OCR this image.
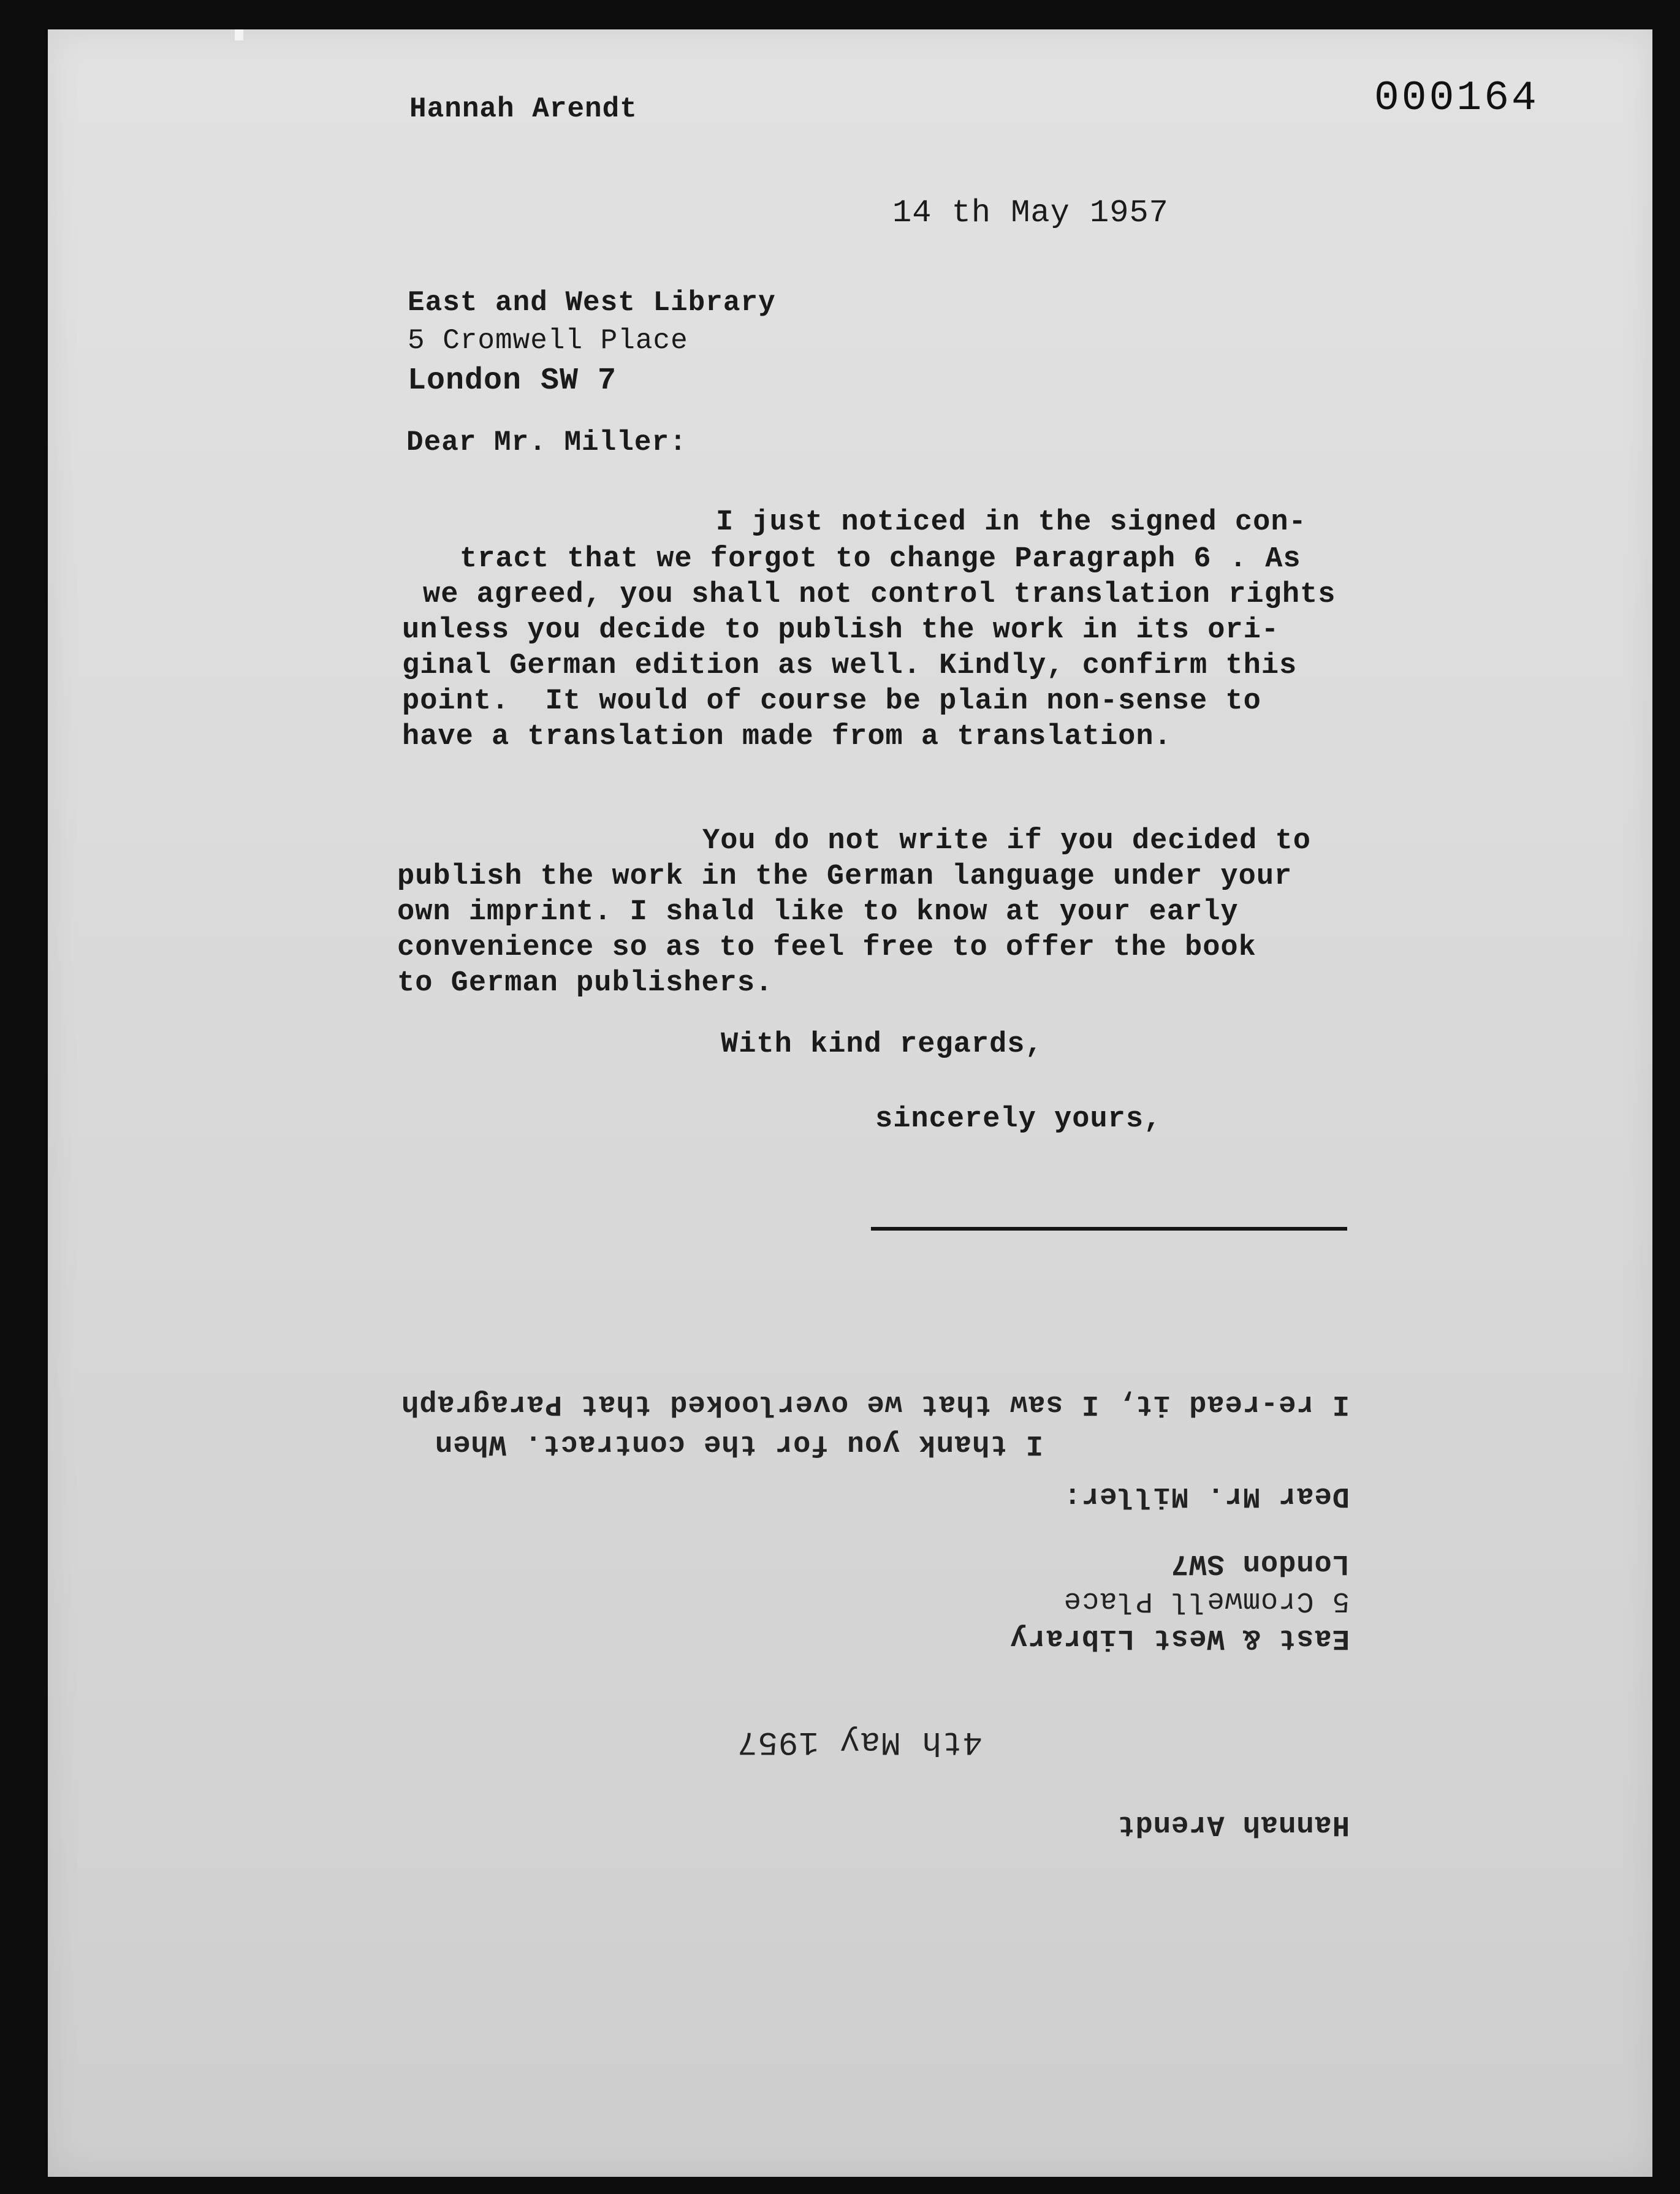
Hannah Arendt	000164
14 th May 1957
East and West Library
5 Cromwell Place
London SW 7
Dear Mr. Miller:
I just noticed in the signed con-
tract that we forgot to change Paragraph 6 . As
we agreed, you shall not control translation rights
unless you decide to publish the work in its ori-
ginal German edition as well. Kindly, confirm this
point.  It would of course be plain non-sense to
have a translation made from a translation.
You do not write if you decided to
publish the work in the German language under your
own imprint. I shald like to know at your early
convenience so as to feel free to offer the book
to German publishers.
With kind regards,
sincerely yours,
Hannah Arendt
4th May 1957
East & West Library
5 Cromwell Place
London SW7
Dear Mr. Miller:
I thank you for the contract. When
I re-read it, I saw that we overlooked that Paragraph
